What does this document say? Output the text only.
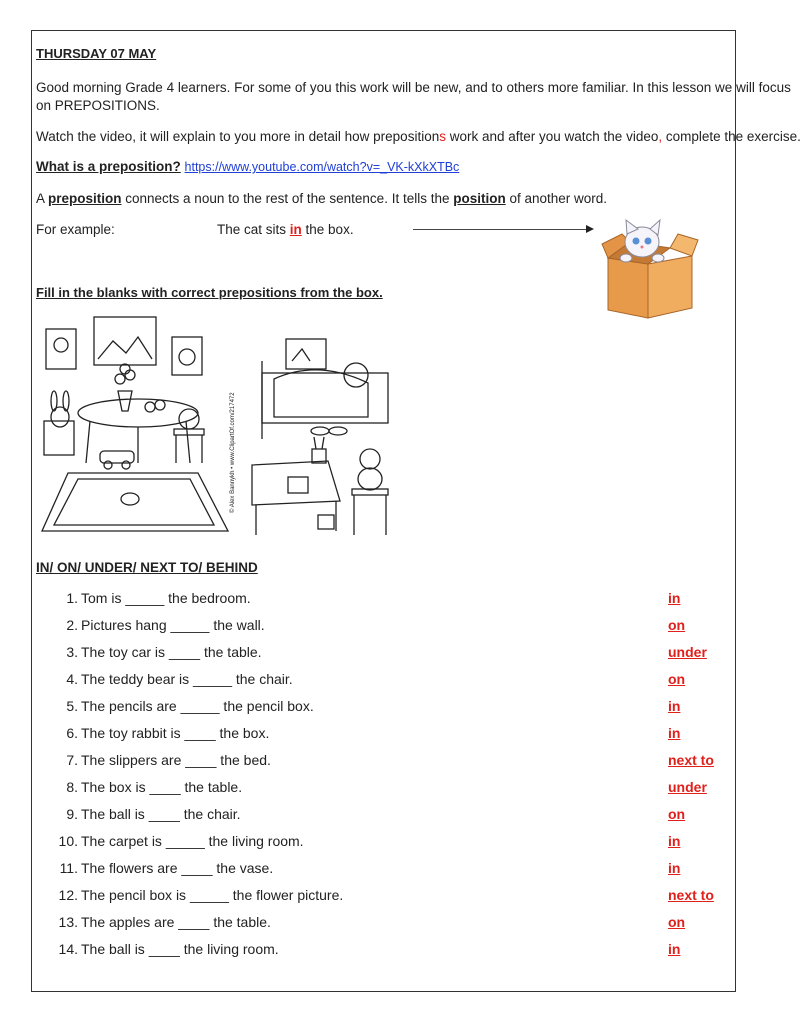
THURSDAY 07 MAY
Good morning Grade 4 learners. For some of you this work will be new, and to others more familiar. In this lesson we will focus
on PREPOSITIONS.
Watch the video, it will explain to you more in detail how prepositions work and after you watch the video, complete the exercise.
What is a preposition? https://www.youtube.com/watch?v=_VK-kXkXTBc
A preposition connects a noun to the rest of the sentence. It tells the position of another word.
For example:	The cat sits in the box.
Fill in the blanks with correct prepositions from the box.
© Alex Bannykh • www.ClipartOf.com/217472
IN/ ON/ UNDER/ NEXT TO/ BEHIND
1. Tom is _____ the bedroom.	in
2. Pictures hang _____ the wall.	on
3. The toy car is ____ the table.	under
4. The teddy bear is _____ the chair.	on
5. The pencils are _____ the pencil box.	in
6. The toy rabbit is ____ the box.	in
7. The slippers are ____ the bed.	next to
8. The box is ____ the table.	under
9. The ball is ____ the chair.	on
10. The carpet is _____ the living room.	in
11. The flowers are ____ the vase.	in
12. The pencil box is _____ the flower picture.	next to
13. The apples are ____ the table.	on
14. The ball is ____ the living room.	in
